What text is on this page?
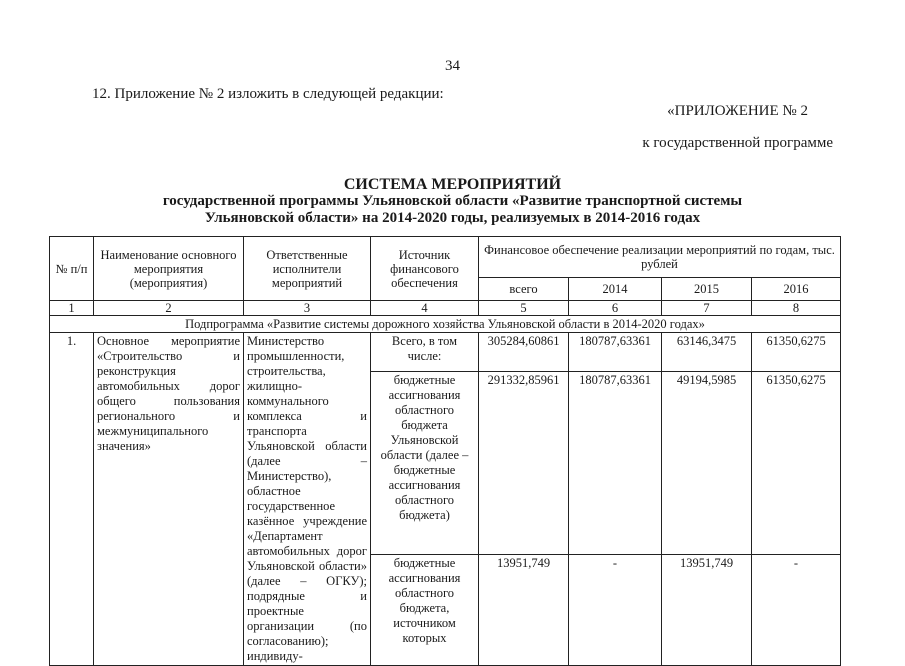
34
12. Приложение № 2 изложить в следующей редакции:
«ПРИЛОЖЕНИЕ № 2
к государственной программе
СИСТЕМА МЕРОПРИЯТИЙ
государственной программы Ульяновской области «Развитие транспортной системы
Ульяновской области» на 2014-2020 годы, реализуемых в 2014-2016 годах
№ п/п	Наименование основного мероприятия (мероприятия)	Ответственные исполнители мероприятий	Источник финансового обеспечения	Финансовое обеспечение реализации мероприятий по годам, тыс. рублей			
				всего	2014	2015	2016
1	2	3	4	5	6	7	8
Подпрограмма «Развитие системы дорожного хозяйства Ульяновской области в 2014-2020 годах»							
1.	Основное мероприятие «Строительство и реконструкция автомобильных дорог общего пользования регионального и межмуниципального значения»	Министерство промышленности, строительства, жилищно-коммунального комплекса и транспорта Ульяновской области (далее – Министерство), областное государственное казённое учреждение «Департамент автомобильных дорог Ульяновской области» (далее – ОГКУ); подрядные и проектные организации (по согласованию); индивиду-	Всего, в том числе:	305284,60861	180787,63361	63146,3475	61350,6275
			бюджетные ассигнования областного бюджета Ульяновской области (далее – бюджетные ассигнования областного бюджета)	291332,85961	180787,63361	49194,5985	61350,6275
			бюджетные ассигнования областного бюджета, источником которых	13951,749	-	13951,749	-
